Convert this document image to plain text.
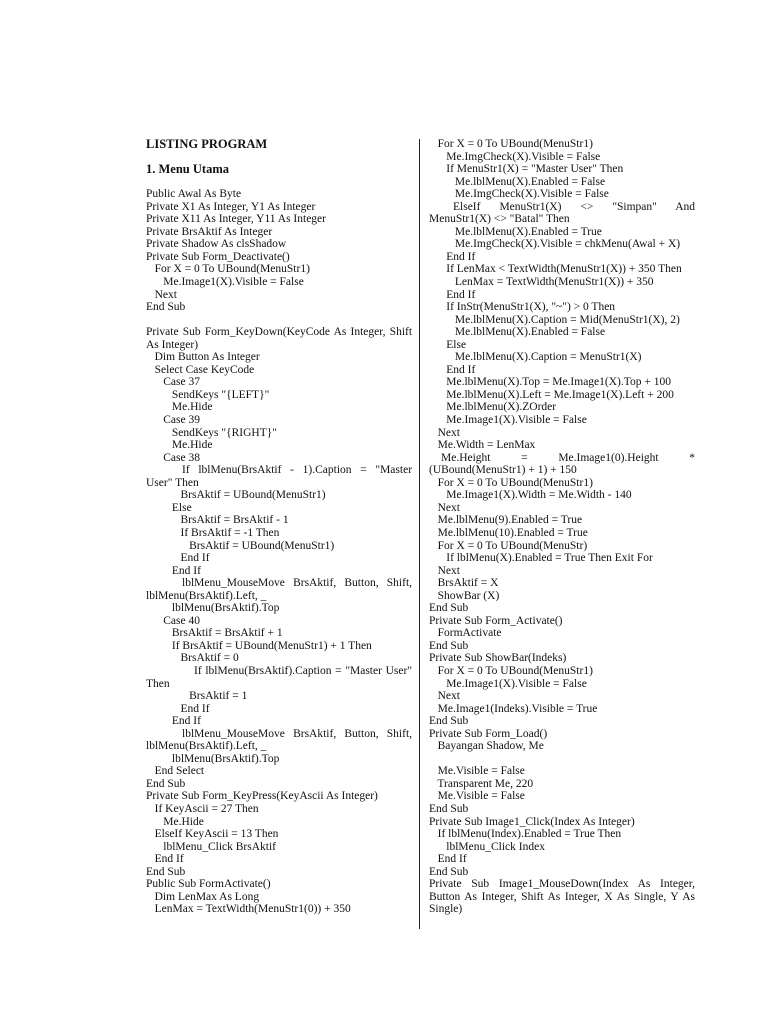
LISTING PROGRAM
1. Menu Utama
Public Awal As Byte
Private X1 As Integer, Y1 As Integer
Private X11 As Integer, Y11 As Integer
Private BrsAktif As Integer
Private Shadow As clsShadow
Private Sub Form_Deactivate()
For X = 0 To UBound(MenuStr1)
Me.Image1(X).Visible = False
Next
End Sub
Private Sub Form_KeyDown(KeyCode As Integer, Shift
As Integer)
Dim Button As Integer
Select Case KeyCode
Case 37
SendKeys "{LEFT}"
Me.Hide
Case 39
SendKeys "{RIGHT}"
Me.Hide
Case 38
If lblMenu(BrsAktif - 1).Caption = "Master
User" Then
BrsAktif = UBound(MenuStr1)
Else
BrsAktif = BrsAktif - 1
If BrsAktif = -1 Then
BrsAktif = UBound(MenuStr1)
End If
End If
lblMenu_MouseMove BrsAktif, Button, Shift,
lblMenu(BrsAktif).Left, _
lblMenu(BrsAktif).Top
Case 40
BrsAktif = BrsAktif + 1
If BrsAktif = UBound(MenuStr1) + 1 Then
BrsAktif = 0
If lblMenu(BrsAktif).Caption = "Master User"
Then
BrsAktif = 1
End If
End If
lblMenu_MouseMove BrsAktif, Button, Shift,
lblMenu(BrsAktif).Left, _
lblMenu(BrsAktif).Top
End Select
End Sub
Private Sub Form_KeyPress(KeyAscii As Integer)
If KeyAscii = 27 Then
Me.Hide
ElseIf KeyAscii = 13 Then
lblMenu_Click BrsAktif
End If
End Sub
Public Sub FormActivate()
Dim LenMax As Long
LenMax = TextWidth(MenuStr1(0)) + 350
For X = 0 To UBound(MenuStr1)
Me.ImgCheck(X).Visible = False
If MenuStr1(X) = "Master User" Then
Me.lblMenu(X).Enabled = False
Me.ImgCheck(X).Visible = False
ElseIf MenuStr1(X) <> "Simpan" And
MenuStr1(X) <> "Batal" Then
Me.lblMenu(X).Enabled = True
Me.ImgCheck(X).Visible = chkMenu(Awal + X)
End If
If LenMax < TextWidth(MenuStr1(X)) + 350 Then
LenMax = TextWidth(MenuStr1(X)) + 350
End If
If InStr(MenuStr1(X), "~") > 0 Then
Me.lblMenu(X).Caption = Mid(MenuStr1(X), 2)
Me.lblMenu(X).Enabled = False
Else
Me.lblMenu(X).Caption = MenuStr1(X)
End If
Me.lblMenu(X).Top = Me.Image1(X).Top + 100
Me.lblMenu(X).Left = Me.Image1(X).Left + 200
Me.lblMenu(X).ZOrder
Me.Image1(X).Visible = False
Next
Me.Width = LenMax
Me.Height	=	Me.Image1(0).Height	*
(UBound(MenuStr1) + 1) + 150
For X = 0 To UBound(MenuStr1)
Me.Image1(X).Width = Me.Width - 140
Next
Me.lblMenu(9).Enabled = True
Me.lblMenu(10).Enabled = True
For X = 0 To UBound(MenuStr)
If lblMenu(X).Enabled = True Then Exit For
Next
BrsAktif = X
ShowBar (X)
End Sub
Private Sub Form_Activate()
FormActivate
End Sub
Private Sub ShowBar(Indeks)
For X = 0 To UBound(MenuStr1)
Me.Image1(X).Visible = False
Next
Me.Image1(Indeks).Visible = True
End Sub
Private Sub Form_Load()
Bayangan Shadow, Me
Me.Visible = False
Transparent Me, 220
Me.Visible = False
End Sub
Private Sub Image1_Click(Index As Integer)
If lblMenu(Index).Enabled = True Then
lblMenu_Click Index
End If
End Sub
Private Sub Image1_MouseDown(Index As Integer,
Button As Integer, Shift As Integer, X As Single, Y As
Single)
